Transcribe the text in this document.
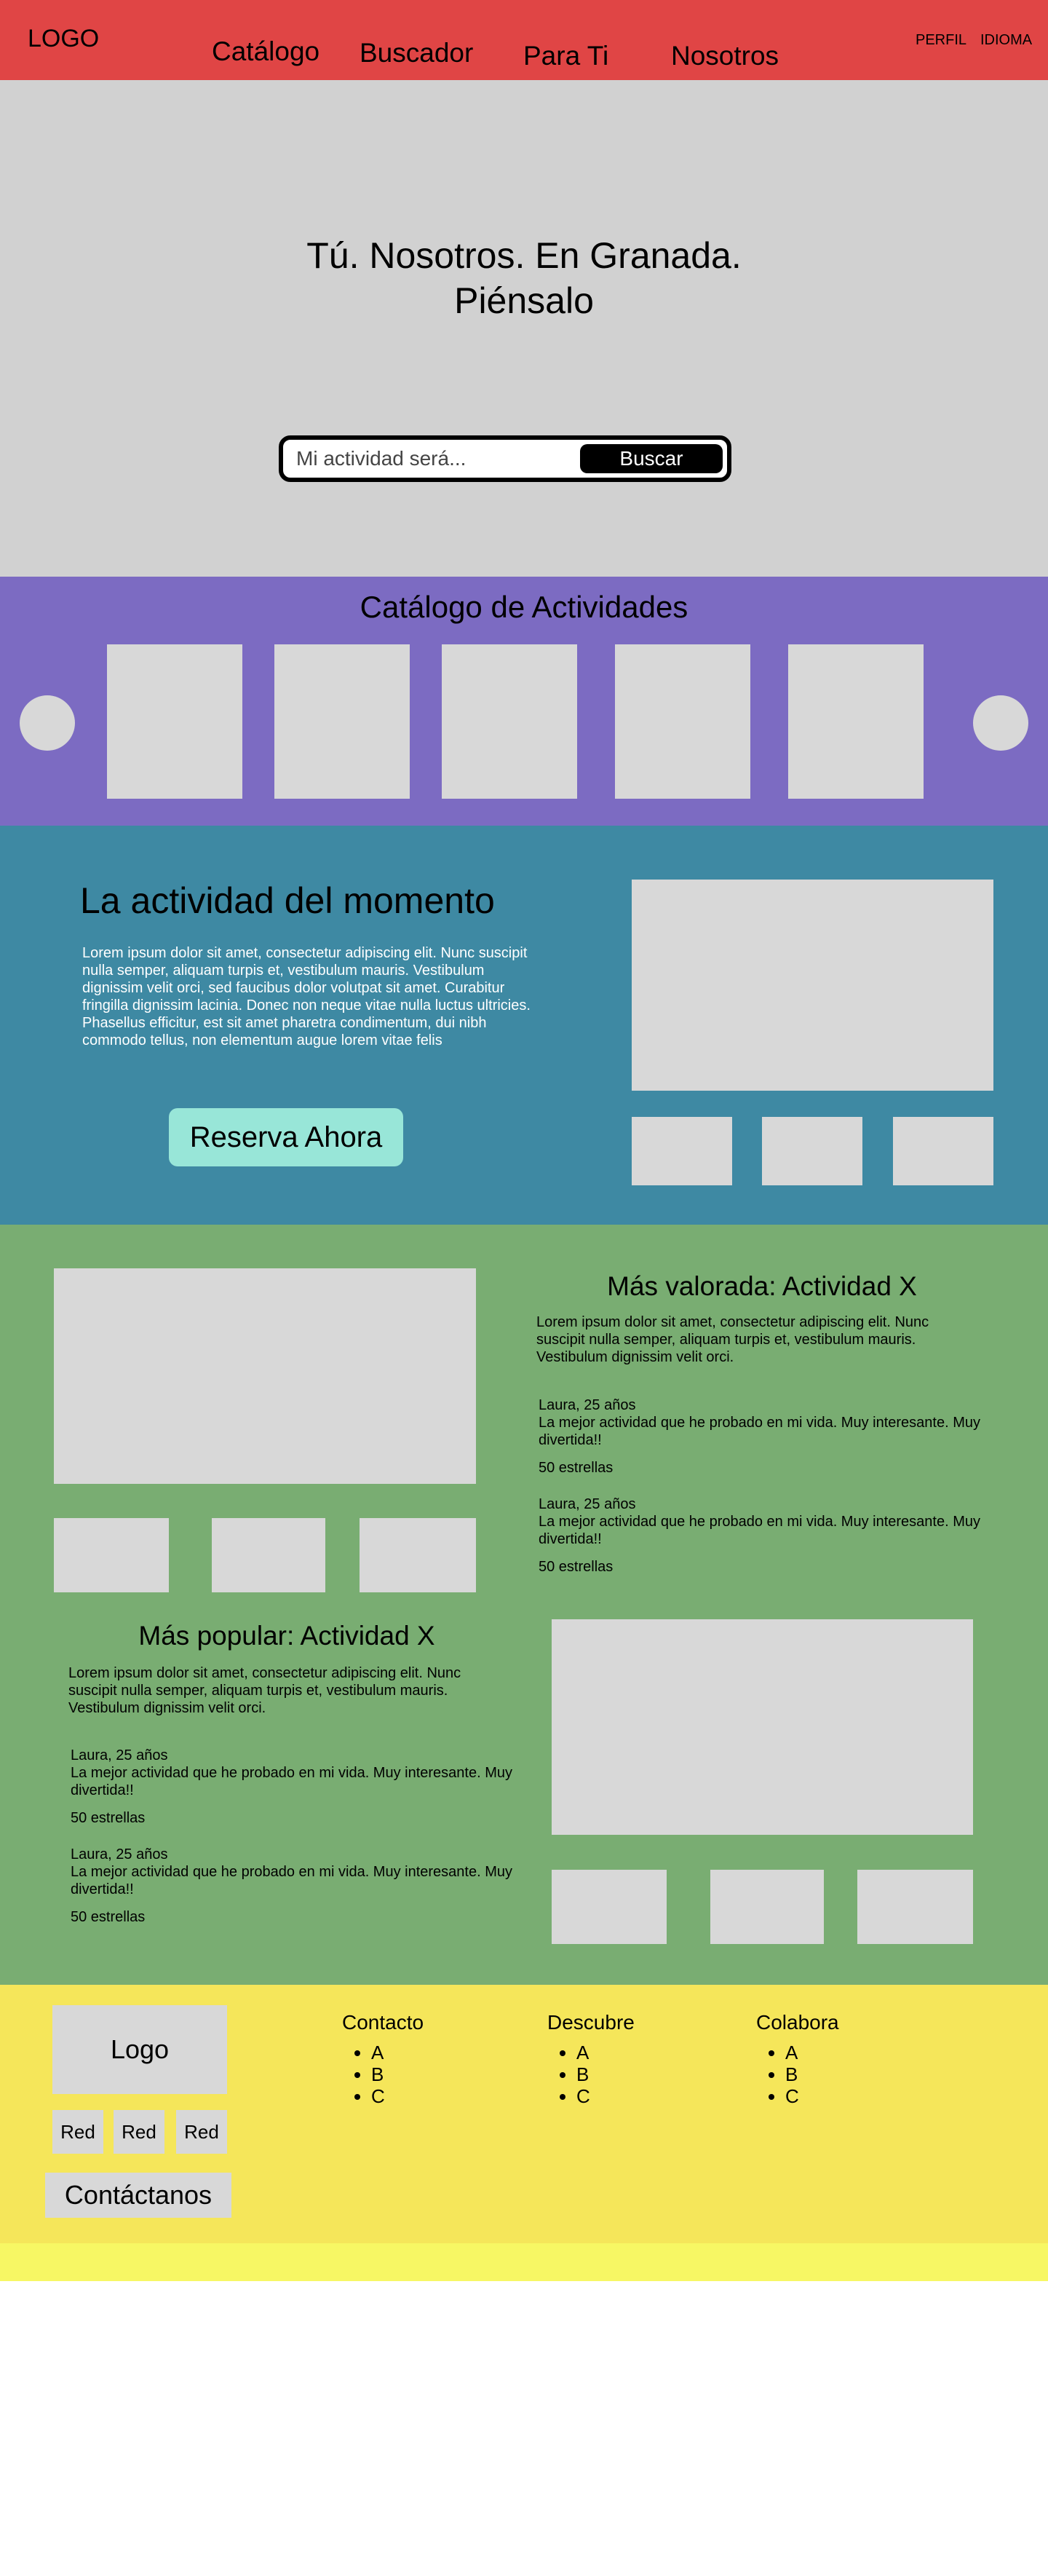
LOGO	Catálogo Buscador Para Ti Nosotros
PERFIL IDIOMA
Tú. Nosotros. En Granada.
Piénsalo
Mi actividad será...
Buscar
Catálogo de Actividades
La actividad del momento
Lorem ipsum dolor sit amet, consectetur adipiscing elit. Nunc suscipit nulla semper, aliquam turpis et, vestibulum mauris. Vestibulum dignissim velit orci, sed faucibus dolor volutpat sit amet. Curabitur fringilla dignissim lacinia. Donec non neque vitae nulla luctus ultricies. Phasellus efficitur, est sit amet pharetra condimentum, dui nibh commodo tellus, non elementum augue lorem vitae felis
Reserva Ahora
Más valorada: Actividad X
Lorem ipsum dolor sit amet, consectetur adipiscing elit. Nunc suscipit nulla semper, aliquam turpis et, vestibulum mauris. Vestibulum dignissim velit orci.
Laura, 25 años
La mejor actividad que he probado en mi vida. Muy interesante. Muy divertida!!
50 estrellas
Laura, 25 años
La mejor actividad que he probado en mi vida. Muy interesante. Muy divertida!!
50 estrellas
Más popular: Actividad X
Lorem ipsum dolor sit amet, consectetur adipiscing elit. Nunc suscipit nulla semper, aliquam turpis et, vestibulum mauris. Vestibulum dignissim velit orci.
Laura, 25 años
La mejor actividad que he probado en mi vida. Muy interesante. Muy divertida!!
50 estrellas
Laura, 25 años
La mejor actividad que he probado en mi vida. Muy interesante. Muy divertida!!
50 estrellas
Logo
Red	Red	Red
Contáctanos
Contacto
• A
• B
• C
Descubre
• A
• B
• C
Colabora
• A
• B
• C
